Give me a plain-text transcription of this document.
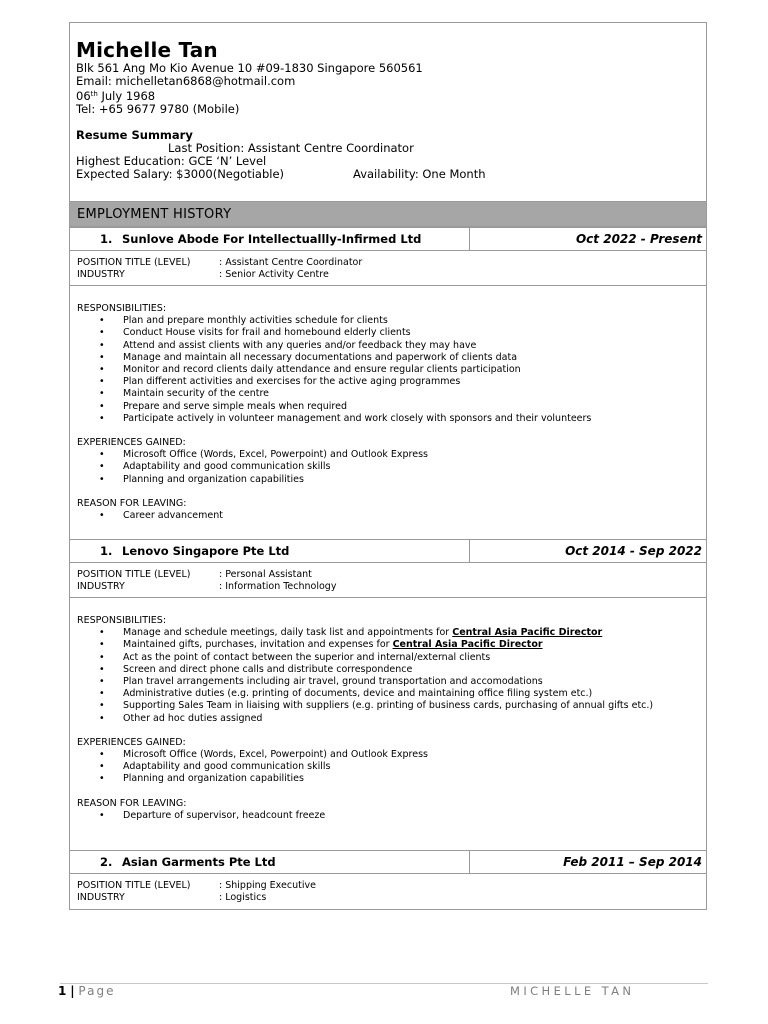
Michelle Tan
Blk 561 Ang Mo Kio Avenue 10 #09-1830 Singapore 560561
Email: michelletan6868@hotmail.com
06th July 1968
Tel: +65 9677 9780 (Mobile)
Resume Summary
Last Position: Assistant Centre Coordinator
Highest Education: GCE ‘N’ Level
Expected Salary: $3000(Negotiable)	Availability: One Month
EMPLOYMENT HISTORY
1. Sunlove Abode For Intellectuallly-Infirmed Ltd	Oct 2022 - Present
POSITION TITLE (LEVEL)	: Assistant Centre Coordinator
INDUSTRY	: Senior Activity Centre
RESPONSIBILITIES:
• Plan and prepare monthly activities schedule for clients
• Conduct House visits for frail and homebound elderly clients
• Attend and assist clients with any queries and/or feedback they may have
• Manage and maintain all necessary documentations and paperwork of clients data
• Monitor and record clients daily attendance and ensure regular clients participation
• Plan different activities and exercises for the active aging programmes
• Maintain security of the centre
• Prepare and serve simple meals when required
• Participate actively in volunteer management and work closely with sponsors and their volunteers
EXPERIENCES GAINED:
• Microsoft Office (Words, Excel, Powerpoint) and Outlook Express
• Adaptability and good communication skills
• Planning and organization capabilities
REASON FOR LEAVING:
• Career advancement
1. Lenovo Singapore Pte Ltd	Oct 2014 - Sep 2022
POSITION TITLE (LEVEL)	: Personal Assistant
INDUSTRY	: Information Technology
RESPONSIBILITIES:
• Manage and schedule meetings, daily task list and appointments for Central Asia Pacific Director
• Maintained gifts, purchases, invitation and expenses for Central Asia Pacific Director
• Act as the point of contact between the superior and internal/external clients
• Screen and direct phone calls and distribute correspondence
• Plan travel arrangements including air travel, ground transportation and accomodations
• Administrative duties (e.g. printing of documents, device and maintaining office filing system etc.)
• Supporting Sales Team in liaising with suppliers (e.g. printing of business cards, purchasing of annual gifts etc.)
• Other ad hoc duties assigned
EXPERIENCES GAINED:
• Microsoft Office (Words, Excel, Powerpoint) and Outlook Express
• Adaptability and good communication skills
• Planning and organization capabilities
REASON FOR LEAVING:
• Departure of supervisor, headcount freeze
2. Asian Garments Pte Ltd	Feb 2011 – Sep 2014
POSITION TITLE (LEVEL)	: Shipping Executive
INDUSTRY	: Logistics
1 | Page	MICHELLE TAN
